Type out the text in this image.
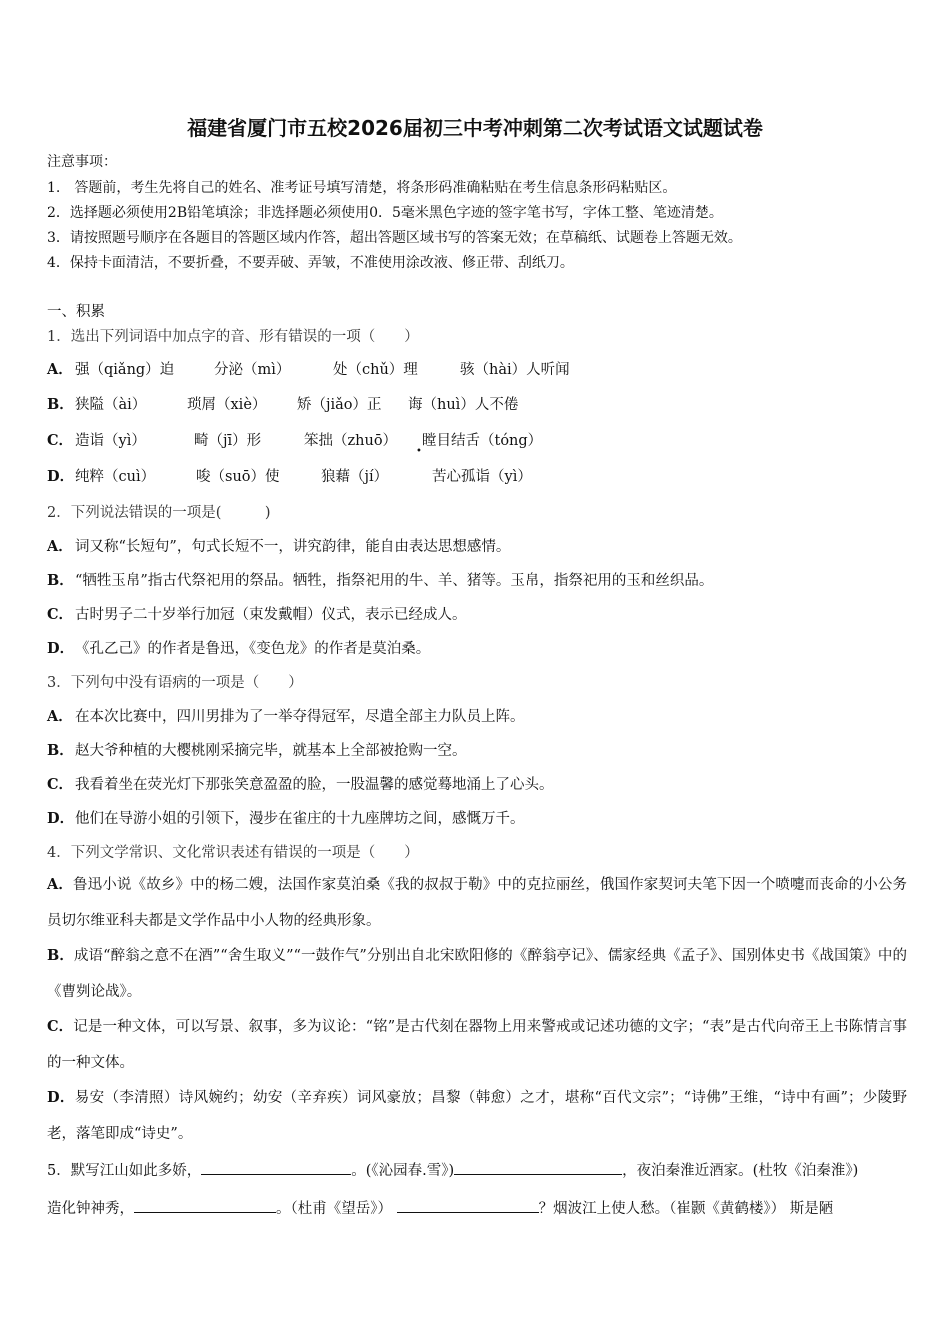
福建省厦门市五校2026届初三中考冲刺第二次考试语文试题试卷
注意事项：
1.　答题前，考生先将自己的姓名、准考证号填写清楚，将条形码准确粘贴在考生信息条形码粘贴区。
2．选择题必须使用2B铅笔填涂；非选择题必须使用0．5毫米黑色字迹的签字笔书写，字体工整、笔迹清楚。
3．请按照题号顺序在各题目的答题区域内作答，超出答题区域书写的答案无效；在草稿纸、试题卷上答题无效。
4．保持卡面清洁，不要折叠，不要弄破、弄皱，不准使用涂改液、修正带、刮纸刀。
一、积累
1．选出下列词语中加点字的音、形有错误的一项（　　）
A． 强（qiǎng）迫	分泌（mì）	处（chǔ）理	骇（hài）人听闻
B． 狭隘（ài）	琐屑（xiè） 矫（jiǎo）正 诲（huì）人不倦
C． 造诣（yì）	畸（jī）形	笨拙（zhuō） 瞠目结舌（tóng）
•
D． 纯粹（cuì）	唆（suō）使	狼藉（jí）	苦心孤诣（yì）
2．下列说法错误的一项是(　　　)
A． 词又称“长短句”，句式长短不一，讲究韵律，能自由表达思想感情。
B．“牺牲玉帛”指古代祭祀用的祭品。牺牲，指祭祀用的牛、羊、猪等。玉帛，指祭祀用的玉和丝织品。
C． 古时男子二十岁举行加冠（束发戴帽）仪式，表示已经成人。
D．《孔乙己》的作者是鲁迅，《变色龙》的作者是莫泊桑。
3．下列句中没有语病的一项是（　　）
A． 在本次比赛中，四川男排为了一举夺得冠军，尽遣全部主力队员上阵。
B．赵大爷种植的大樱桃刚采摘完毕，就基本上全部被抢购一空。
C． 我看着坐在荧光灯下那张笑意盈盈的脸，一股温馨的感觉蓦地涌上了心头。
D．他们在导游小姐的引领下，漫步在雀庄的十九座牌坊之间，感慨万千。
4．下列文学常识、文化常识表述有错误的一项是（　　）
A．鲁迅小说《故乡》中的杨二嫂，法国作家莫泊桑《我的叔叔于勒》中的克拉丽丝，俄国作家契诃夫笔下因一个喷嚏而丧命的小公务员切尔维亚科夫都是文学作品中小人物的经典形象。
B．成语“醉翁之意不在酒”“舍生取义”“一鼓作气”分别出自北宋欧阳修的《醉翁亭记》、儒家经典《孟子》、国别体史书《战国策》中的《曹刿论战》。
C．记是一种文体，可以写景、叙事，多为议论：“铭”是古代刻在器物上用来警戒或记述功德的文字；“表”是古代向帝王上书陈情言事的一种文体。
D．易安（李清照）诗风婉约；幼安（辛弃疾）词风豪放；昌黎（韩愈）之才，堪称“百代文宗”；“诗佛”王维，“诗中有画”；少陵野老，落笔即成“诗史”。
5．默写江山如此多娇，	。(《沁园春.雪》)	，夜泊秦淮近酒家。(杜牧《泊秦淮》)
造化钟神秀，	。（杜甫《望岳》）	？烟波江上使人愁。（崔颢《黄鹤楼》） 斯是陋
